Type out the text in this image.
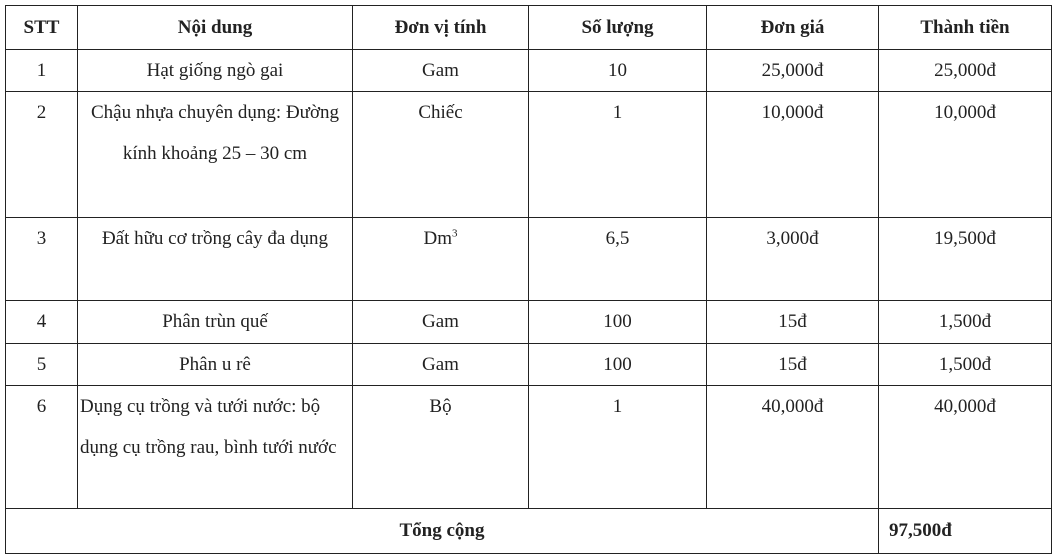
STT	Nội dung	Đơn vị tính	Số lượng	Đơn giá	Thành tiền
1	Hạt giống ngò gai	Gam	10	25,000đ	25,000đ
2	Chậu nhựa chuyên dụng: Đường kính khoảng 25 – 30 cm	Chiếc	1	10,000đ	10,000đ
3	Đất hữu cơ trồng cây đa dụng	Dm$^3$	6,5	3,000đ	19,500đ
4	Phân trùn quế	Gam	100	15đ	1,500đ
5	Phân u rê	Gam	100	15đ	1,500đ
6	Dụng cụ trồng và tưới nước: bộ dụng cụ trồng rau, bình tưới nước	Bộ	1	40,000đ	40,000đ
Tổng cộng					97,500đ
